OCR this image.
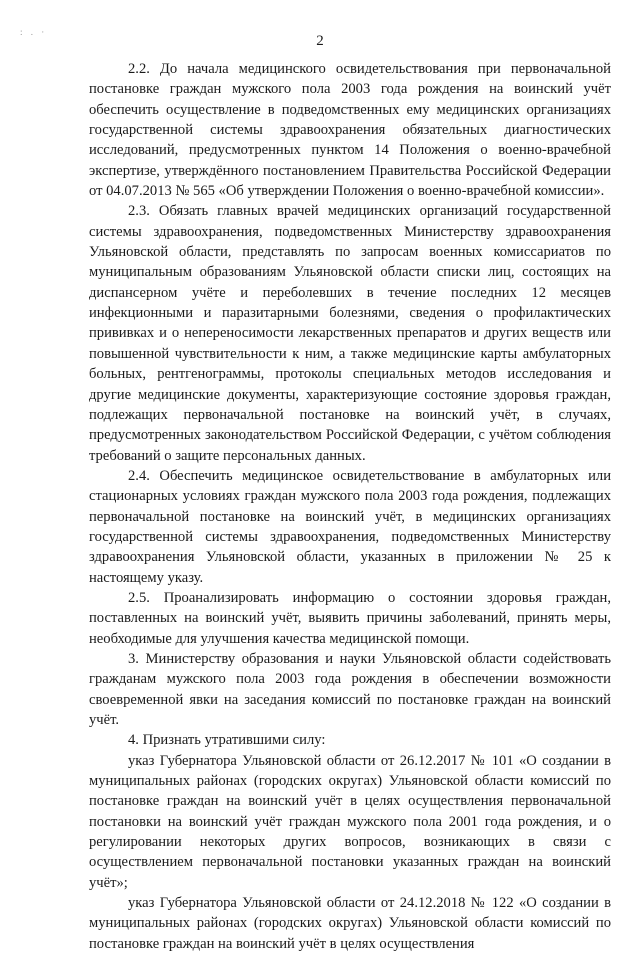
: . ·
2

2.2. До начала медицинского освидетельствования при первоначальной постановке граждан мужского пола 2003 года рождения на воинский учёт обеспечить осуществление в подведомственных ему медицинских организациях государственной системы здравоохранения обязательных диагностических исследований, предусмотренных пунктом 14 Положения о военно-врачебной экспертизе, утверждённого постановлением Правительства Российской Федерации от 04.07.2013 № 565 «Об утверждении Положения о военно-врачебной комиссии».

2.3. Обязать главных врачей медицинских организаций государственной системы здравоохранения, подведомственных Министерству здравоохранения Ульяновской области, представлять по запросам военных комиссариатов по муниципальным образованиям Ульяновской области списки лиц, состоящих на диспансерном учёте и переболевших в течение последних 12 месяцев инфекционными и паразитарными болезнями, сведения о профилактических прививках и о непереносимости лекарственных препаратов и других веществ или повышенной чувствительности к ним, а также медицинские карты амбулаторных больных, рентгенограммы, протоколы специальных методов исследования и другие медицинские документы, характеризующие состояние здоровья граждан, подлежащих первоначальной постановке на воинский учёт, в случаях, предусмотренных законодательством Российской Федерации, с учётом соблюдения требований о защите персональных данных.

2.4. Обеспечить медицинское освидетельствование в амбулаторных или стационарных условиях граждан мужского пола 2003 года рождения, подлежащих первоначальной постановке на воинский учёт, в медицинских организациях государственной системы здравоохранения, подведомственных Министерству здравоохранения Ульяновской области, указанных в приложении № 25 к настоящему указу.

2.5. Проанализировать информацию о состоянии здоровья граждан, поставленных на воинский учёт, выявить причины заболеваний, принять меры, необходимые для улучшения качества медицинской помощи.

3. Министерству образования и науки Ульяновской области содействовать гражданам мужского пола 2003 года рождения в обеспечении возможности своевременной явки на заседания комиссий по постановке граждан на воинский учёт.

4. Признать утратившими силу:

указ Губернатора Ульяновской области от 26.12.2017 № 101 «О создании в муниципальных районах (городских округах) Ульяновской области комиссий по постановке граждан на воинский учёт в целях осуществления первоначальной постановки на воинский учёт граждан мужского пола 2001 года рождения, и о регулировании некоторых других вопросов, возникающих в связи с осуществлением первоначальной постановки указанных граждан на воинский учёт»;

указ Губернатора Ульяновской области от 24.12.2018 № 122 «О создании в муниципальных районах (городских округах) Ульяновской области комиссий по постановке граждан на воинский учёт в целях осуществления
